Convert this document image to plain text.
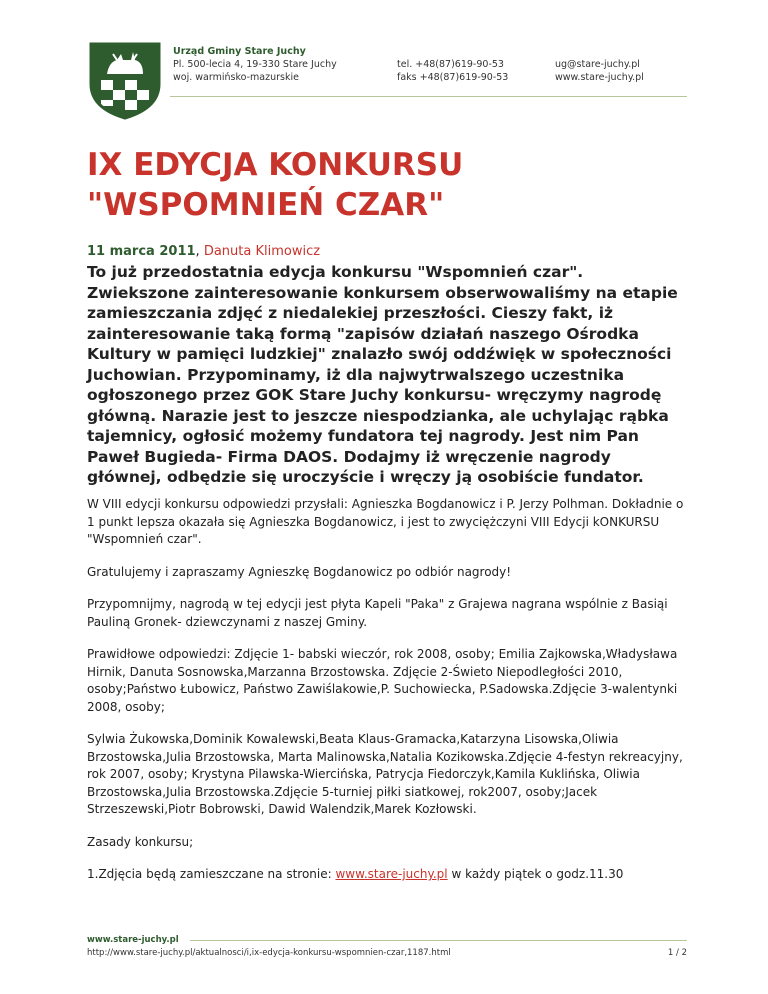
Urząd Gminy Stare Juchy
Pl. 500-lecia 4, 19-330 Stare Juchy
woj. warmińsko-mazurskie
tel. +48(87)619-90-53
faks +48(87)619-90-53
ug@stare-juchy.pl
www.stare-juchy.pl
IX EDYCJA KONKURSU
"WSPOMNIEŃ CZAR"
11 marca 2011, Danuta Klimowicz

To już przedostatnia edycja konkursu "Wspomnień czar". Zwiekszone zainteresowanie konkursem obserwowaliśmy na etapie zamieszczania zdjęć z niedalekiej przeszłości. Cieszy fakt, iż zainteresowanie taką formą "zapisów działań naszego Ośrodka Kultury w pamięci ludzkiej" znalazło swój oddźwięk w społeczności Juchowian. Przypominamy, iż dla najwytrwalszego uczestnika ogłoszonego przez GOK Stare Juchy konkursu- wręczymy nagrodę główną. Narazie jest to jeszcze niespodzianka, ale uchylając rąbka tajemnicy, ogłosić możemy fundatora tej nagrody. Jest nim Pan Paweł Bugieda- Firma DAOS. Dodajmy iż wręczenie nagrody głównej, odbędzie się uroczyście i wręczy ją osobiście fundator.

W VIII edycji konkursu odpowiedzi przysłali: Agnieszka Bogdanowicz i P. Jerzy Polhman. Dokładnie o 1 punkt lepsza okazała się Agnieszka Bogdanowicz, i jest to zwyciężczyni VIII Edycji kONKURSU "Wspomnień czar".

Gratulujemy i zapraszamy Agnieszkę Bogdanowicz po odbiór nagrody!

Przypomnijmy, nagrodą w tej edycji jest płyta Kapeli "Paka" z Grajewa nagrana wspólnie z Basiąi Pauliną Gronek- dziewczynami z naszej Gminy.

Prawidłowe odpowiedzi: Zdjęcie 1- babski wieczór, rok 2008, osoby; Emilia Zajkowska,Władysława Hirnik, Danuta Sosnowska,Marzanna Brzostowska. Zdjęcie 2-Świeto Niepodległości 2010, osoby;Państwo Łubowicz, Państwo Zawiślakowie,P. Suchowiecka, P.Sadowska.Zdjęcie 3-walentynki 2008, osoby;

Sylwia Żukowska,Dominik Kowalewski,Beata Klaus-Gramacka,Katarzyna Lisowska,Oliwia Brzostowska,Julia Brzostowska, Marta Malinowska,Natalia Kozikowska.Zdjęcie 4-festyn rekreacyjny, rok 2007, osoby; Krystyna Pilawska-Wiercińska, Patrycja Fiedorczyk,Kamila Kuklińska, Oliwia Brzostowska,Julia Brzostowska.Zdjęcie 5-turniej piłki siatkowej, rok2007, osoby;Jacek Strzeszewski,Piotr Bobrowski, Dawid Walendzik,Marek Kozłowski.

Zasady konkursu;

1.Zdjęcia będą zamieszczane na stronie: www.stare-juchy.pl w każdy piątek o godz.11.30

www.stare-juchy.pl
http://www.stare-juchy.pl/aktualnosci/i,ix-edycja-konkursu-wspomnien-czar,1187.html	1 / 2
